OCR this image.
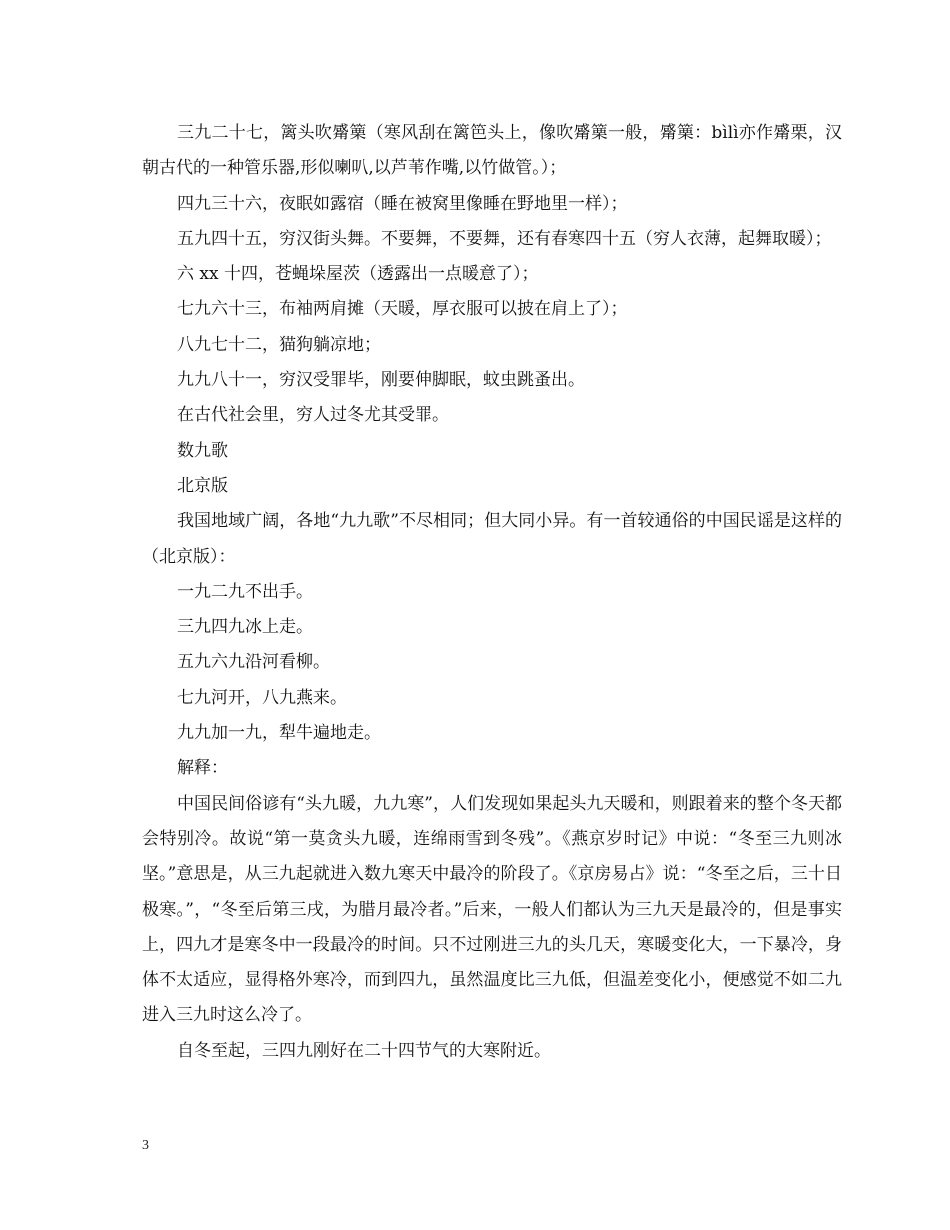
三九二十七，篱头吹觱篥（寒风刮在篱笆头上，像吹觱篥一般，觱篥：bìlì亦作觱栗，汉朝古代的一种管乐器,形似喇叭,以芦苇作嘴,以竹做管。）；

四九三十六，夜眠如露宿（睡在被窝里像睡在野地里一样）；

五九四十五，穷汉街头舞。不要舞，不要舞，还有春寒四十五（穷人衣薄，起舞取暖）；

六 xx 十四，苍蝇垛屋茨（透露出一点暖意了）；

七九六十三，布袖两肩摊（天暖，厚衣服可以披在肩上了）；

八九七十二，猫狗躺凉地；

九九八十一，穷汉受罪毕，刚要伸脚眠，蚊虫跳蚤出。

在古代社会里，穷人过冬尤其受罪。

数九歌

北京版

我国地域广阔，各地“九九歌”不尽相同；但大同小异。有一首较通俗的中国民谣是这样的（北京版）：

一九二九不出手。

三九四九冰上走。

五九六九沿河看柳。

七九河开，八九燕来。

九九加一九，犁牛遍地走。

解释：

中国民间俗谚有“头九暖，九九寒”，人们发现如果起头九天暖和，则跟着来的整个冬天都会特别冷。故说“第一莫贪头九暖，连绵雨雪到冬残”。《燕京岁时记》中说：“冬至三九则冰坚。”意思是，从三九起就进入数九寒天中最冷的阶段了。《京房易占》说：“冬至之后，三十日极寒。”，“冬至后第三戌，为腊月最冷者。”后来，一般人们都认为三九天是最冷的，但是事实上，四九才是寒冬中一段最冷的时间。只不过刚进三九的头几天，寒暖变化大，一下暴冷，身体不太适应，显得格外寒冷，而到四九，虽然温度比三九低，但温差变化小，便感觉不如二九进入三九时这么冷了。

自冬至起，三四九刚好在二十四节气的大寒附近。

3
